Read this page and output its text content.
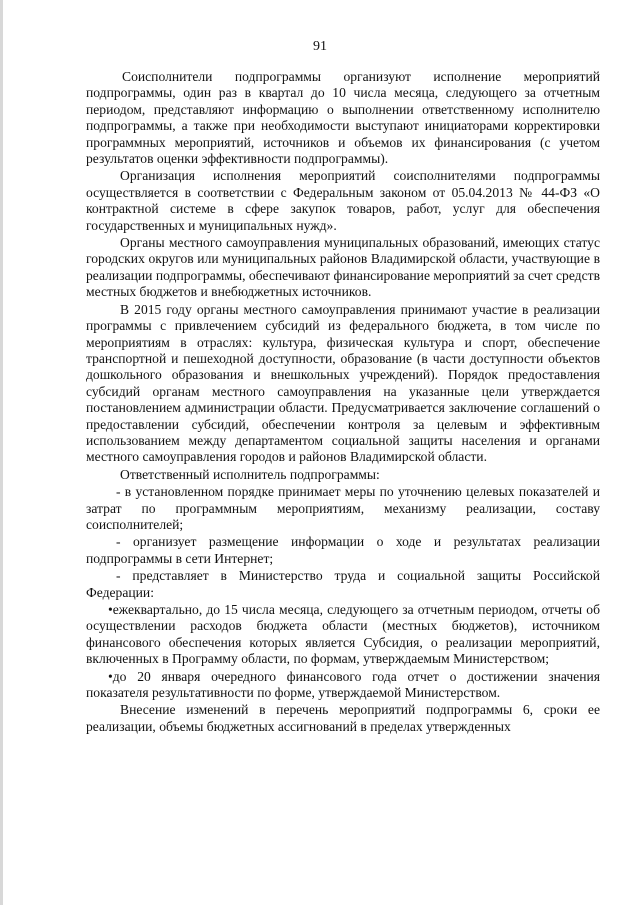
91

Соисполнители подпрограммы организуют исполнение мероприятий подпрограммы, один раз в квартал до 10 числа месяца, следующего за отчетным периодом, представляют информацию о выполнении ответственному исполнителю подпрограммы, а также при необходимости выступают инициаторами корректировки программных мероприятий, источников и объемов их финансирования (с учетом результатов оценки эффективности подпрограммы).

Организация исполнения мероприятий соисполнителями подпрограммы осуществляется в соответствии с Федеральным законом от 05.04.2013 № 44-ФЗ «О контрактной системе в сфере закупок товаров, работ, услуг для обеспечения государственных и муниципальных нужд».

Органы местного самоуправления муниципальных образований, имеющих статус городских округов или муниципальных районов Владимирской области, участвующие в реализации подпрограммы, обеспечивают финансирование мероприятий за счет средств местных бюджетов и внебюджетных источников.

В 2015 году органы местного самоуправления принимают участие в реализации программы с привлечением субсидий из федерального бюджета, в том числе по мероприятиям в отраслях: культура, физическая культура и спорт, обеспечение транспортной и пешеходной доступности, образование (в части доступности объектов дошкольного образования и внешкольных учреждений). Порядок предоставления субсидий органам местного самоуправления на указанные цели утверждается постановлением администрации области. Предусматривается заключение соглашений о предоставлении субсидий, обеспечении контроля за целевым и эффективным использованием между департаментом социальной защиты населения и органами местного самоуправления городов и районов Владимирской области.

Ответственный исполнитель подпрограммы:

- в установленном порядке принимает меры по уточнению целевых показателей и затрат по программным мероприятиям, механизму реализации, составу соисполнителей;

- организует размещение информации о ходе и результатах реализации подпрограммы в сети Интернет;

- представляет в Министерство труда и социальной защиты Российской Федерации:

•ежеквартально, до 15 числа месяца, следующего за отчетным периодом, отчеты об осуществлении расходов бюджета области (местных бюджетов), источником финансового обеспечения которых является Субсидия, о реализации мероприятий, включенных в Программу области, по формам, утверждаемым Министерством;

•до 20 января очередного финансового года отчет о достижении значения показателя результативности по форме, утверждаемой Министерством.

Внесение изменений в перечень мероприятий подпрограммы 6, сроки ее реализации, объемы бюджетных ассигнований в пределах утвержденных
